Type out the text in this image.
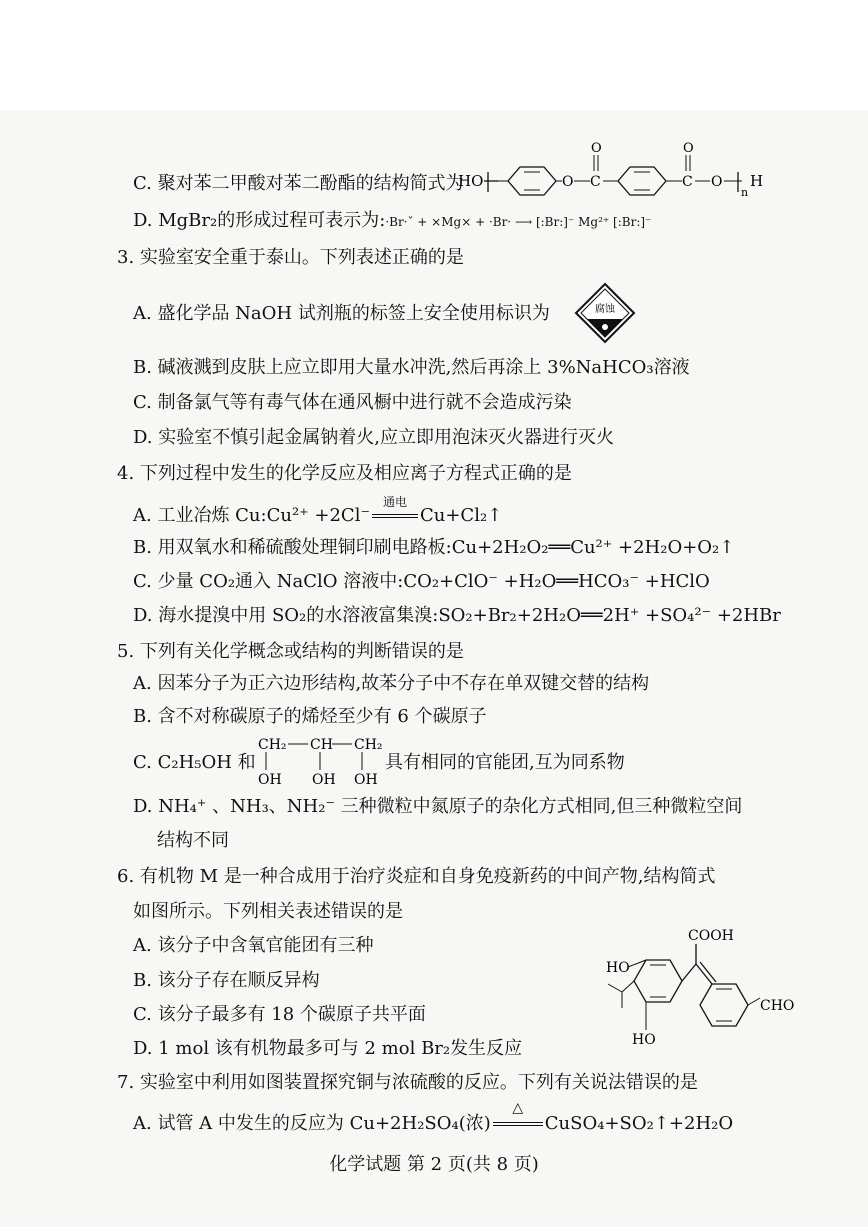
C. 聚对苯二甲酸对苯二酚酯的结构简式为
HO	O C
O
C
O
O
n
H
D. MgBr₂的形成过程可表示为:·Br·ˇ + ×Mg× + ·Br· ⟶ [:Br:]⁻ Mg²⁺ [:Br:]⁻
3. 实验室安全重于泰山。下列表述正确的是
A. 盛化学品 NaOH 试剂瓶的标签上安全使用标识为	腐蚀
B. 碱液溅到皮肤上应立即用大量水冲洗,然后再涂上 3%NaHCO₃溶液
C. 制备氯气等有毒气体在通风橱中进行就不会造成污染
D. 实验室不慎引起金属钠着火,应立即用泡沫灭火器进行灭火
4. 下列过程中发生的化学反应及相应离子方程式正确的是
A. 工业冶炼 Cu:Cu²⁺ +2Cl⁻
通电
Cu+Cl₂↑
B. 用双氧水和稀硫酸处理铜印刷电路板:Cu+2H₂O₂══Cu²⁺ +2H₂O+O₂↑
C. 少量 CO₂通入 NaClO 溶液中:CO₂+ClO⁻ +H₂O══HCO₃⁻ +HClO
D. 海水提溴中用 SO₂的水溶液富集溴:SO₂+Br₂+2H₂O══2H⁺ +SO₄²⁻ +2HBr
5. 下列有关化学概念或结构的判断错误的是
A. 因苯分子为正六边形结构,故苯分子中不存在单双键交替的结构
B. 含不对称碳原子的烯烃至少有 6 个碳原子
C. C₂H₅OH 和
CH₂ CH CH₂
OH OH OH
具有相同的官能团,互为同系物
D. NH₄⁺ 、NH₃、NH₂⁻ 三种微粒中氮原子的杂化方式相同,但三种微粒空间
结构不同
6. 有机物 M 是一种合成用于治疗炎症和自身免疫新药的中间产物,结构简式
如图所示。下列相关表述错误的是
A. 该分子中含氧官能团有三种
B. 该分子存在顺反异构
C. 该分子最多有 18 个碳原子共平面
D. 1 mol 该有机物最多可与 2 mol Br₂发生反应
COOH
CHO
HO
HO
7. 实验室中利用如图装置探究铜与浓硫酸的反应。下列有关说法错误的是
A. 试管 A 中发生的反应为 Cu+2H₂SO₄(浓)
△
CuSO₄+SO₂↑+2H₂O
化学试题 第 2 页(共 8 页)
